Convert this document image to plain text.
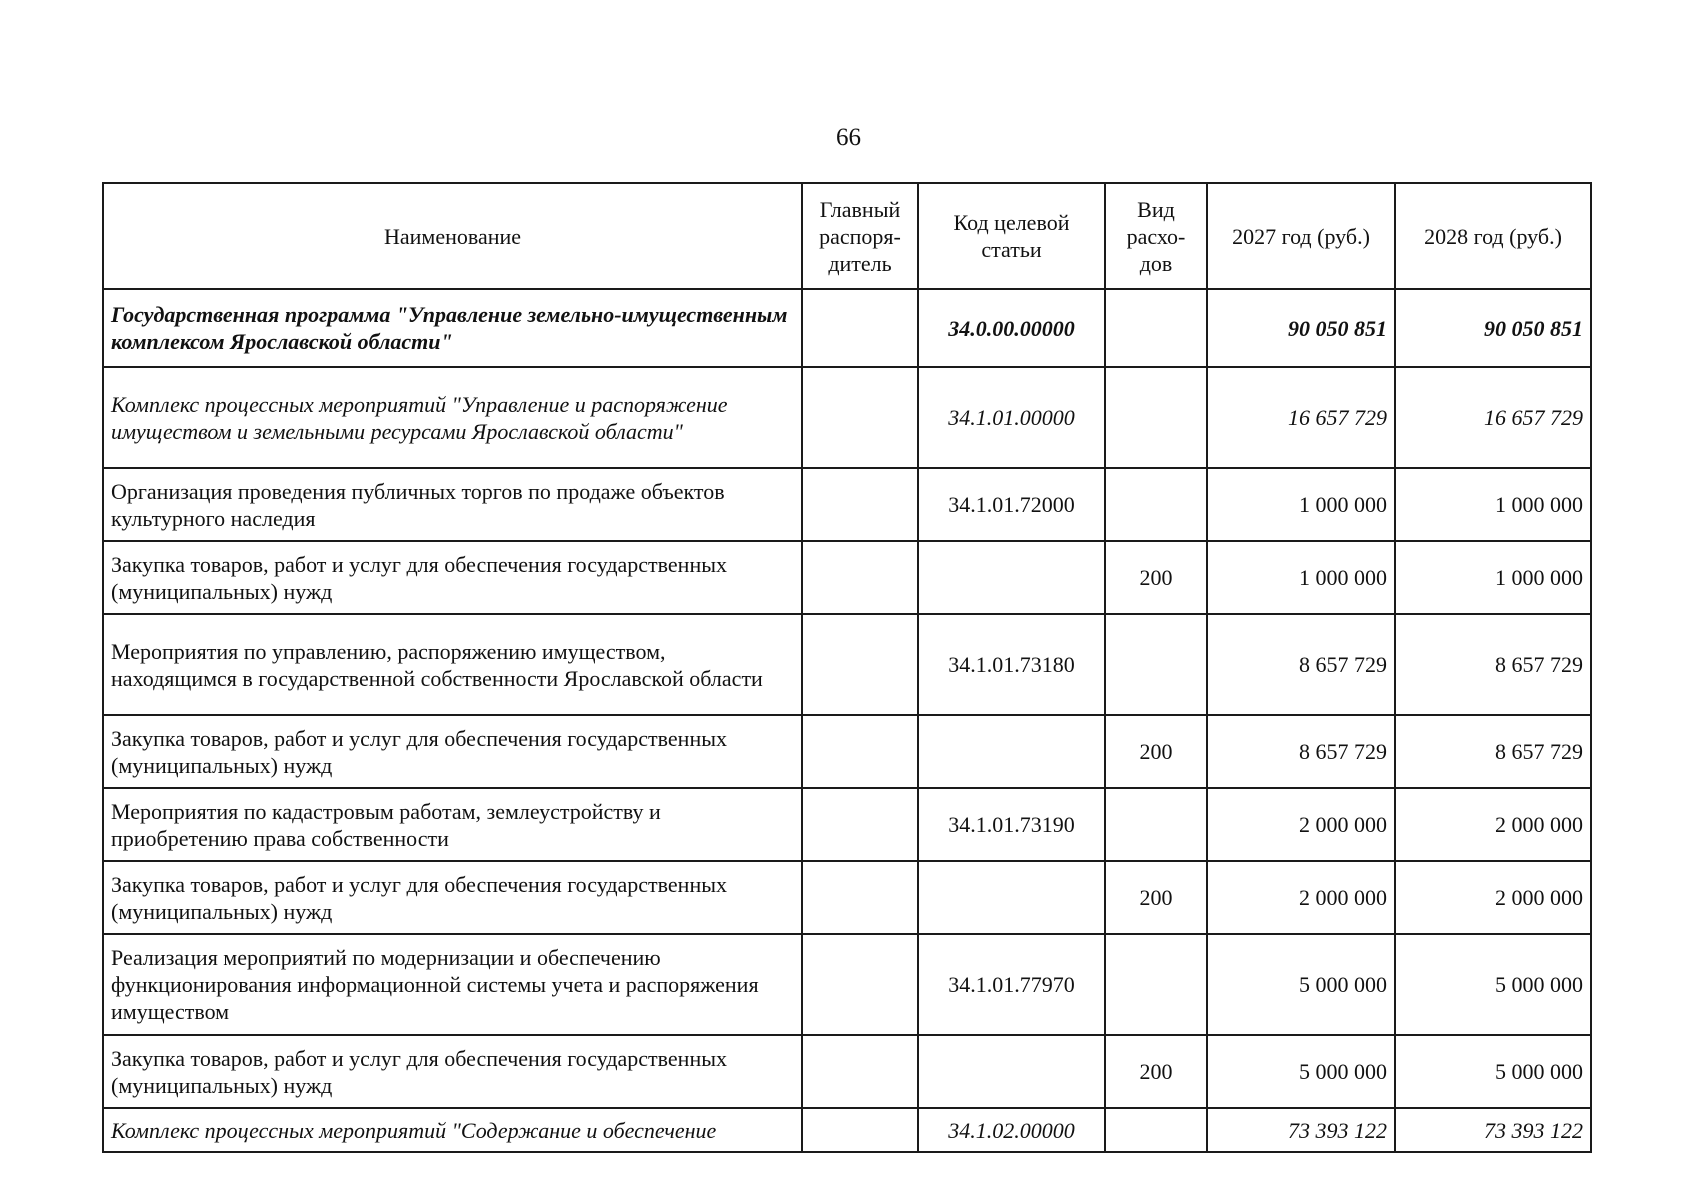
66
Наименование	Главный распоря-дитель	Код целевой статьи	Вид расхо-дов	2027 год (руб.)	2028 год (руб.)
Государственная программа "Управление земельно-имущественным комплексом Ярославской области"		34.0.00.00000		90 050 851	90 050 851
Комплекс процессных мероприятий "Управление и распоряжение имуществом и земельными ресурсами Ярославской области"		34.1.01.00000		16 657 729	16 657 729
Организация проведения публичных торгов по продаже объектов культурного наследия		34.1.01.72000		1 000 000	1 000 000
Закупка товаров, работ и услуг для обеспечения государственных (муниципальных) нужд			200	1 000 000	1 000 000
Мероприятия по управлению, распоряжению имуществом, находящимся в государственной собственности Ярославской области		34.1.01.73180		8 657 729	8 657 729
Закупка товаров, работ и услуг для обеспечения государственных (муниципальных) нужд			200	8 657 729	8 657 729
Мероприятия по кадастровым работам, землеустройству и приобретению права собственности		34.1.01.73190		2 000 000	2 000 000
Закупка товаров, работ и услуг для обеспечения государственных (муниципальных) нужд			200	2 000 000	2 000 000
Реализация мероприятий по модернизации и обеспечению функционирования информационной системы учета и распоряжения имуществом		34.1.01.77970		5 000 000	5 000 000
Закупка товаров, работ и услуг для обеспечения государственных (муниципальных) нужд			200	5 000 000	5 000 000
Комплекс процессных мероприятий "Содержание и обеспечение		34.1.02.00000		73 393 122	73 393 122
